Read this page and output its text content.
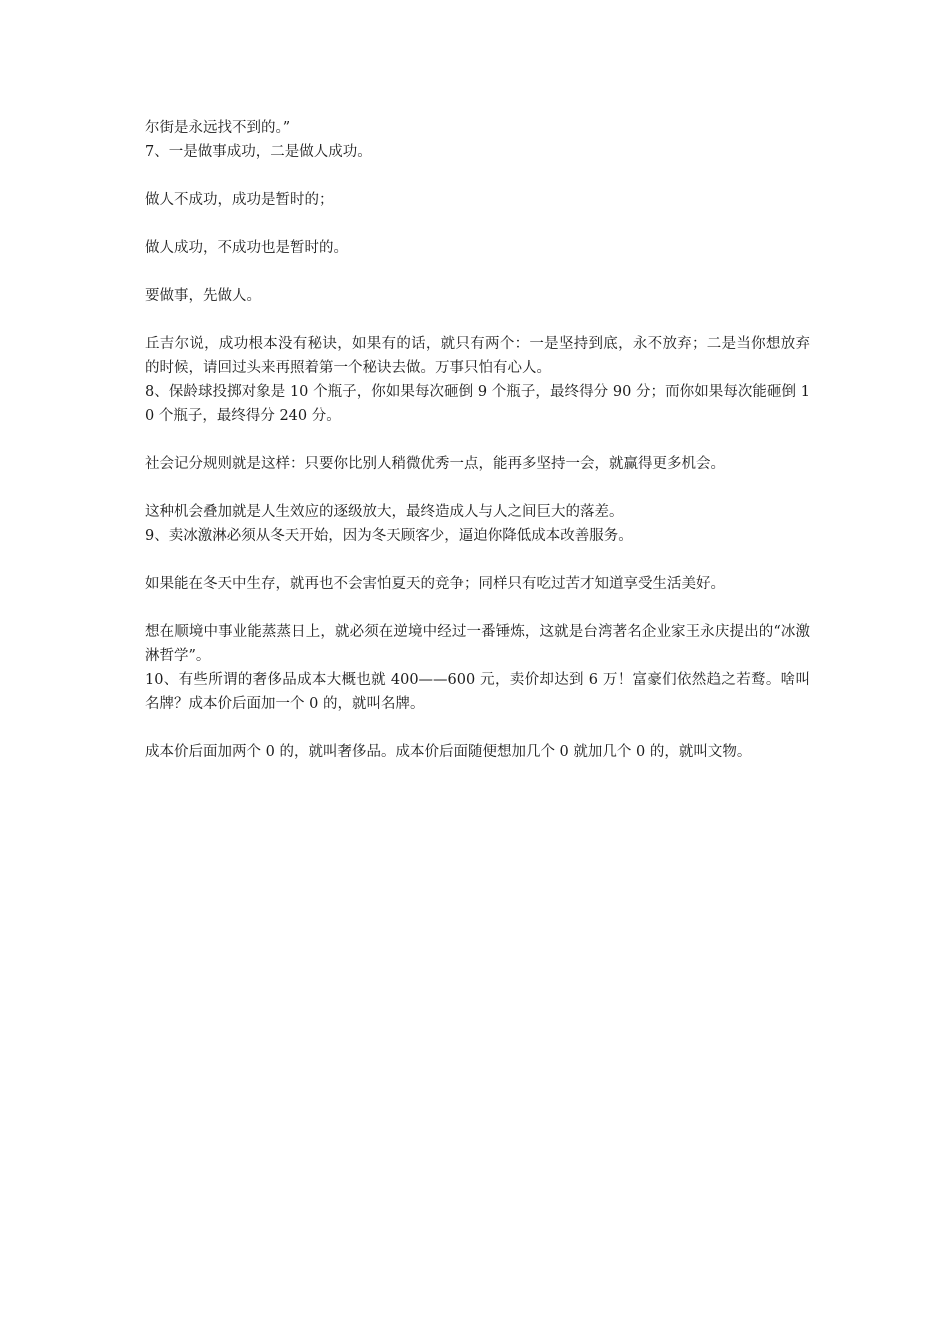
尔街是永远找不到的。”

7、一是做事成功，二是做人成功。

做人不成功，成功是暂时的；

做人成功，不成功也是暂时的。

要做事，先做人。

丘吉尔说，成功根本没有秘诀，如果有的话，就只有两个：一是坚持到底，永不放弃；二是当你想放弃的时候，请回过头来再照着第一个秘诀去做。万事只怕有心人。

8、保龄球投掷对象是 10 个瓶子，你如果每次砸倒 9 个瓶子，最终得分 90 分；而你如果每次能砸倒 10 个瓶子，最终得分 240 分。

社会记分规则就是这样：只要你比别人稍微优秀一点，能再多坚持一会，就赢得更多机会。

这种机会叠加就是人生效应的逐级放大，最终造成人与人之间巨大的落差。

9、卖冰激淋必须从冬天开始，因为冬天顾客少，逼迫你降低成本改善服务。

如果能在冬天中生存，就再也不会害怕夏天的竞争；同样只有吃过苦才知道享受生活美好。

想在顺境中事业能蒸蒸日上，就必须在逆境中经过一番锤炼，这就是台湾著名企业家王永庆提出的“冰激淋哲学”。

10、有些所谓的奢侈品成本大概也就 400——600 元，卖价却达到 6 万！富豪们依然趋之若鹜。啥叫名牌？成本价后面加一个 0 的，就叫名牌。

成本价后面加两个 0 的，就叫奢侈品。成本价后面随便想加几个 0 就加几个 0 的，就叫文物。
